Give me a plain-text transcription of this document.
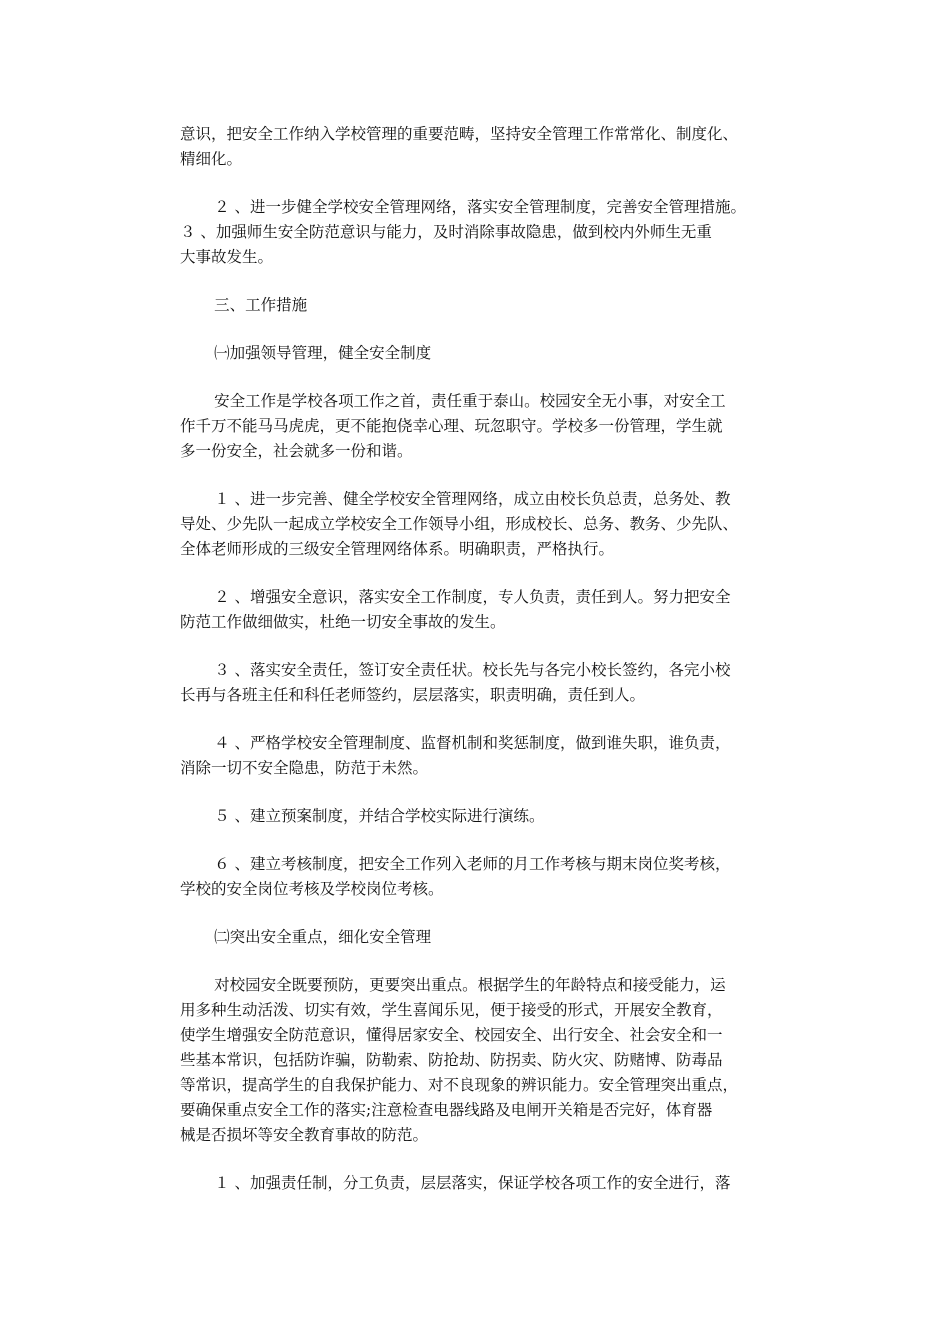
意识，把安全工作纳入学校管理的重要范畴，坚持安全管理工作常常化、制度化、
精细化。

２ 、进一步健全学校安全管理网络，落实安全管理制度，完善安全管理措施。

３ 、加强师生安全防范意识与能力，及时消除事故隐患，做到校内外师生无重
大事故发生。

三、工作措施

㈠加强领导管理，健全安全制度

安全工作是学校各项工作之首，责任重于泰山。校园安全无小事，对安全工
作千万不能马马虎虎，更不能抱侥幸心理、玩忽职守。学校多一份管理，学生就
多一份安全，社会就多一份和谐。

１ 、进一步完善、健全学校安全管理网络，成立由校长负总责，总务处、教
导处、少先队一起成立学校安全工作领导小组，形成校长、总务、教务、少先队、
全体老师形成的三级安全管理网络体系。明确职责，严格执行。

２ 、增强安全意识，落实安全工作制度，专人负责，责任到人。努力把安全
防范工作做细做实，杜绝一切安全事故的发生。

３ 、落实安全责任，签订安全责任状。校长先与各完小校长签约，各完小校
长再与各班主任和科任老师签约，层层落实，职责明确，责任到人。

４ 、严格学校安全管理制度、监督机制和奖惩制度，做到谁失职，谁负责，
消除一切不安全隐患，防范于未然。

５ 、建立预案制度，并结合学校实际进行演练。

６ 、建立考核制度，把安全工作列入老师的月工作考核与期末岗位奖考核，
学校的安全岗位考核及学校岗位考核。

㈡突出安全重点，细化安全管理

对校园安全既要预防，更要突出重点。根据学生的年龄特点和接受能力，运
用多种生动活泼、切实有效，学生喜闻乐见，便于接受的形式，开展安全教育，
使学生增强安全防范意识，懂得居家安全、校园安全、出行安全、社会安全和一
些基本常识，包括防诈骗，防勒索、防抢劫、防拐卖、防火灾、防赌博、防毒品
等常识，提高学生的自我保护能力、对不良现象的辨识能力。安全管理突出重点，
要确保重点安全工作的落实;注意检查电器线路及电闸开关箱是否完好，体育器
械是否损坏等安全教育事故的防范。

１ 、加强责任制，分工负责，层层落实，保证学校各项工作的安全进行，落
